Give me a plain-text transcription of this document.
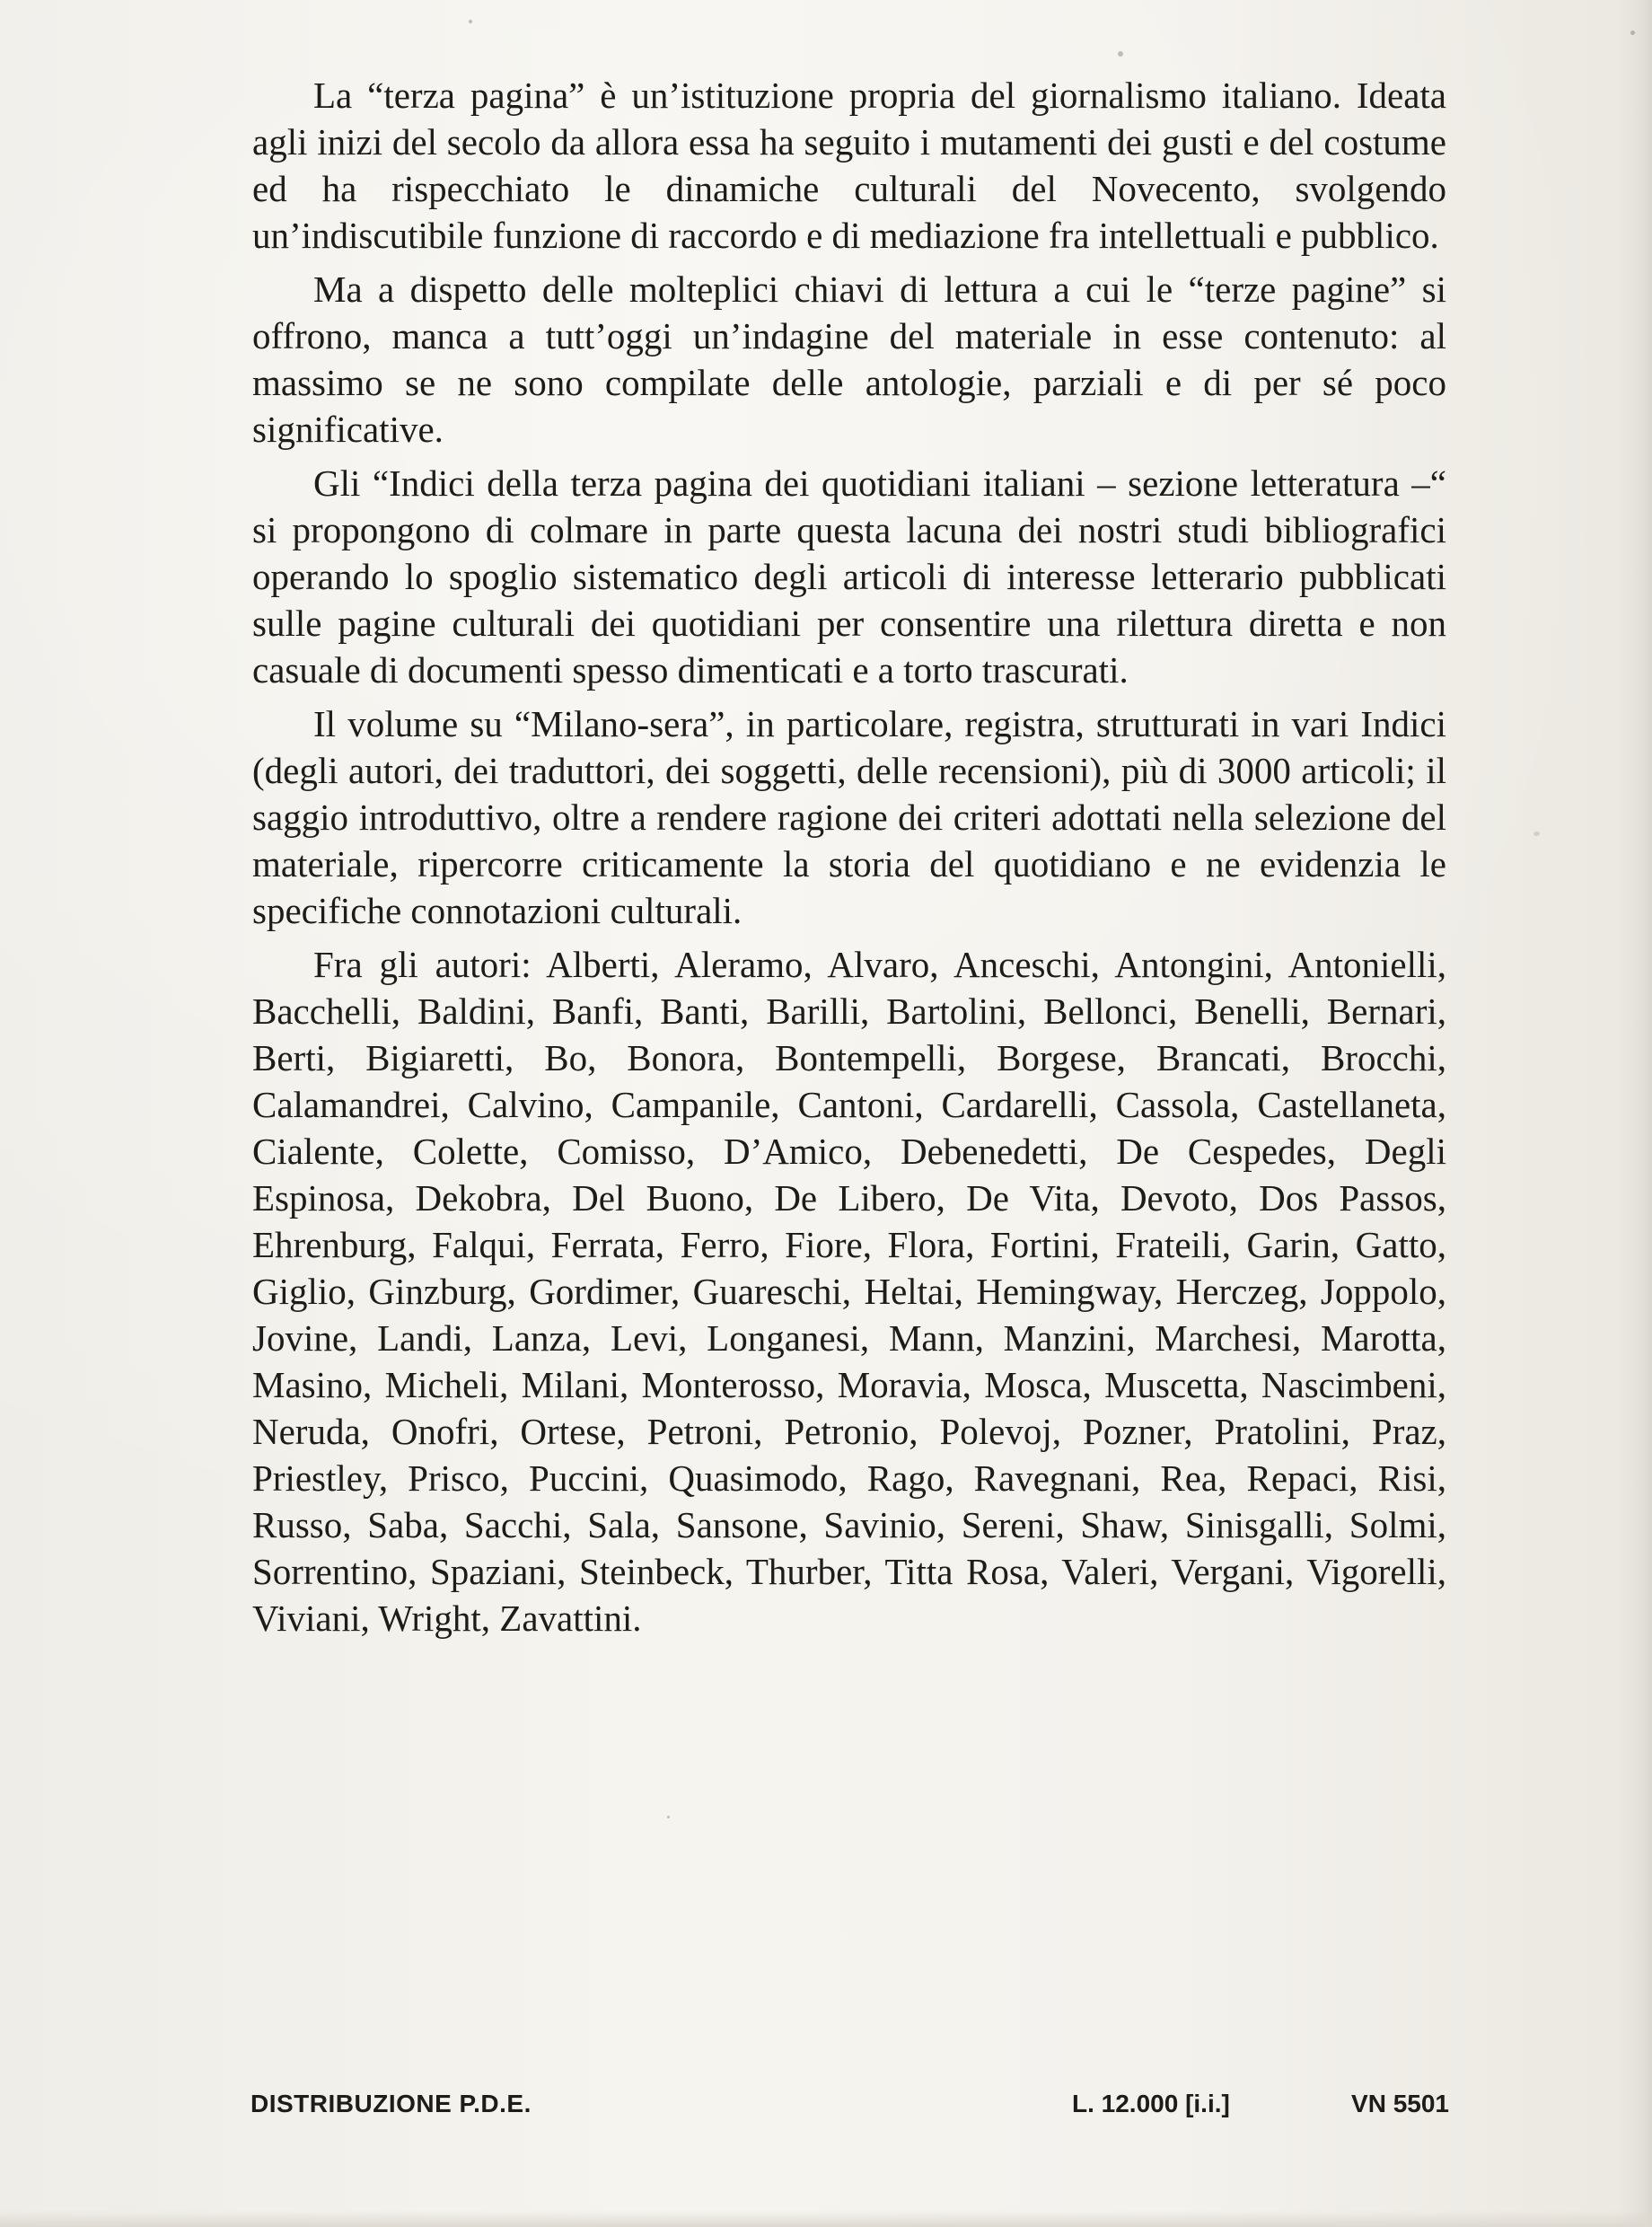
La “terza pagina” è un’istituzione propria del giornalismo italiano. Ideata agli inizi del secolo da allora essa ha seguito i mutamenti dei gusti e del costume ed ha rispecchiato le dinamiche culturali del Novecento, svolgendo un’indiscutibile funzione di raccordo e di mediazione fra intellettuali e pubblico.

Ma a dispetto delle molteplici chiavi di lettura a cui le “terze pagine” si offrono, manca a tutt’oggi un’indagine del materiale in esse contenuto: al massimo se ne sono compilate delle antologie, parziali e di per sé poco significative.

Gli “Indici della terza pagina dei quotidiani italiani – sezione letteratura –“ si propongono di colmare in parte questa lacuna dei nostri studi bibliografici operando lo spoglio sistematico degli articoli di interesse letterario pubblicati sulle pagine culturali dei quotidiani per consentire una rilettura diretta e non casuale di documenti spesso dimenticati e a torto trascurati.

Il volume su “Milano-sera”, in particolare, registra, strutturati in vari Indici (degli autori, dei traduttori, dei soggetti, delle recensioni), più di 3000 articoli; il saggio introduttivo, oltre a rendere ragione dei criteri adottati nella selezione del materiale, ripercorre criticamente la storia del quotidiano e ne evidenzia le specifiche connotazioni culturali.

Fra gli autori: Alberti, Aleramo, Alvaro, Anceschi, Antongini, Antonielli, Bacchelli, Baldini, Banfi, Banti, Barilli, Bartolini, Bellonci, Benelli, Bernari, Berti, Bigiaretti, Bo, Bonora, Bontempelli, Borgese, Brancati, Brocchi, Calamandrei, Calvino, Campanile, Cantoni, Cardarelli, Cassola, Castellaneta, Cialente, Colette, Comisso, D’Amico, Debenedetti, De Cespedes, Degli Espinosa, Dekobra, Del Buono, De Libero, De Vita, Devoto, Dos Passos, Ehrenburg, Falqui, Ferrata, Ferro, Fiore, Flora, Fortini, Frateili, Garin, Gatto, Giglio, Ginzburg, Gordimer, Guareschi, Heltai, Hemingway, Herczeg, Joppolo, Jovine, Landi, Lanza, Levi, Longanesi, Mann, Manzini, Marchesi, Marotta, Masino, Micheli, Milani, Monterosso, Moravia, Mosca, Muscetta, Nascimbeni, Neruda, Onofri, Ortese, Petroni, Petronio, Polevoj, Pozner, Pratolini, Praz, Priestley, Prisco, Puccini, Quasimodo, Rago, Ravegnani, Rea, Repaci, Risi, Russo, Saba, Sacchi, Sala, Sansone, Savinio, Sereni, Shaw, Sinisgalli, Solmi, Sorrentino, Spaziani, Steinbeck, Thurber, Titta Rosa, Valeri, Vergani, Vigorelli, Viviani, Wright, Zavattini.

DISTRIBUZIONE P.D.E.	L. 12.000 [i.i.]	VN 5501
